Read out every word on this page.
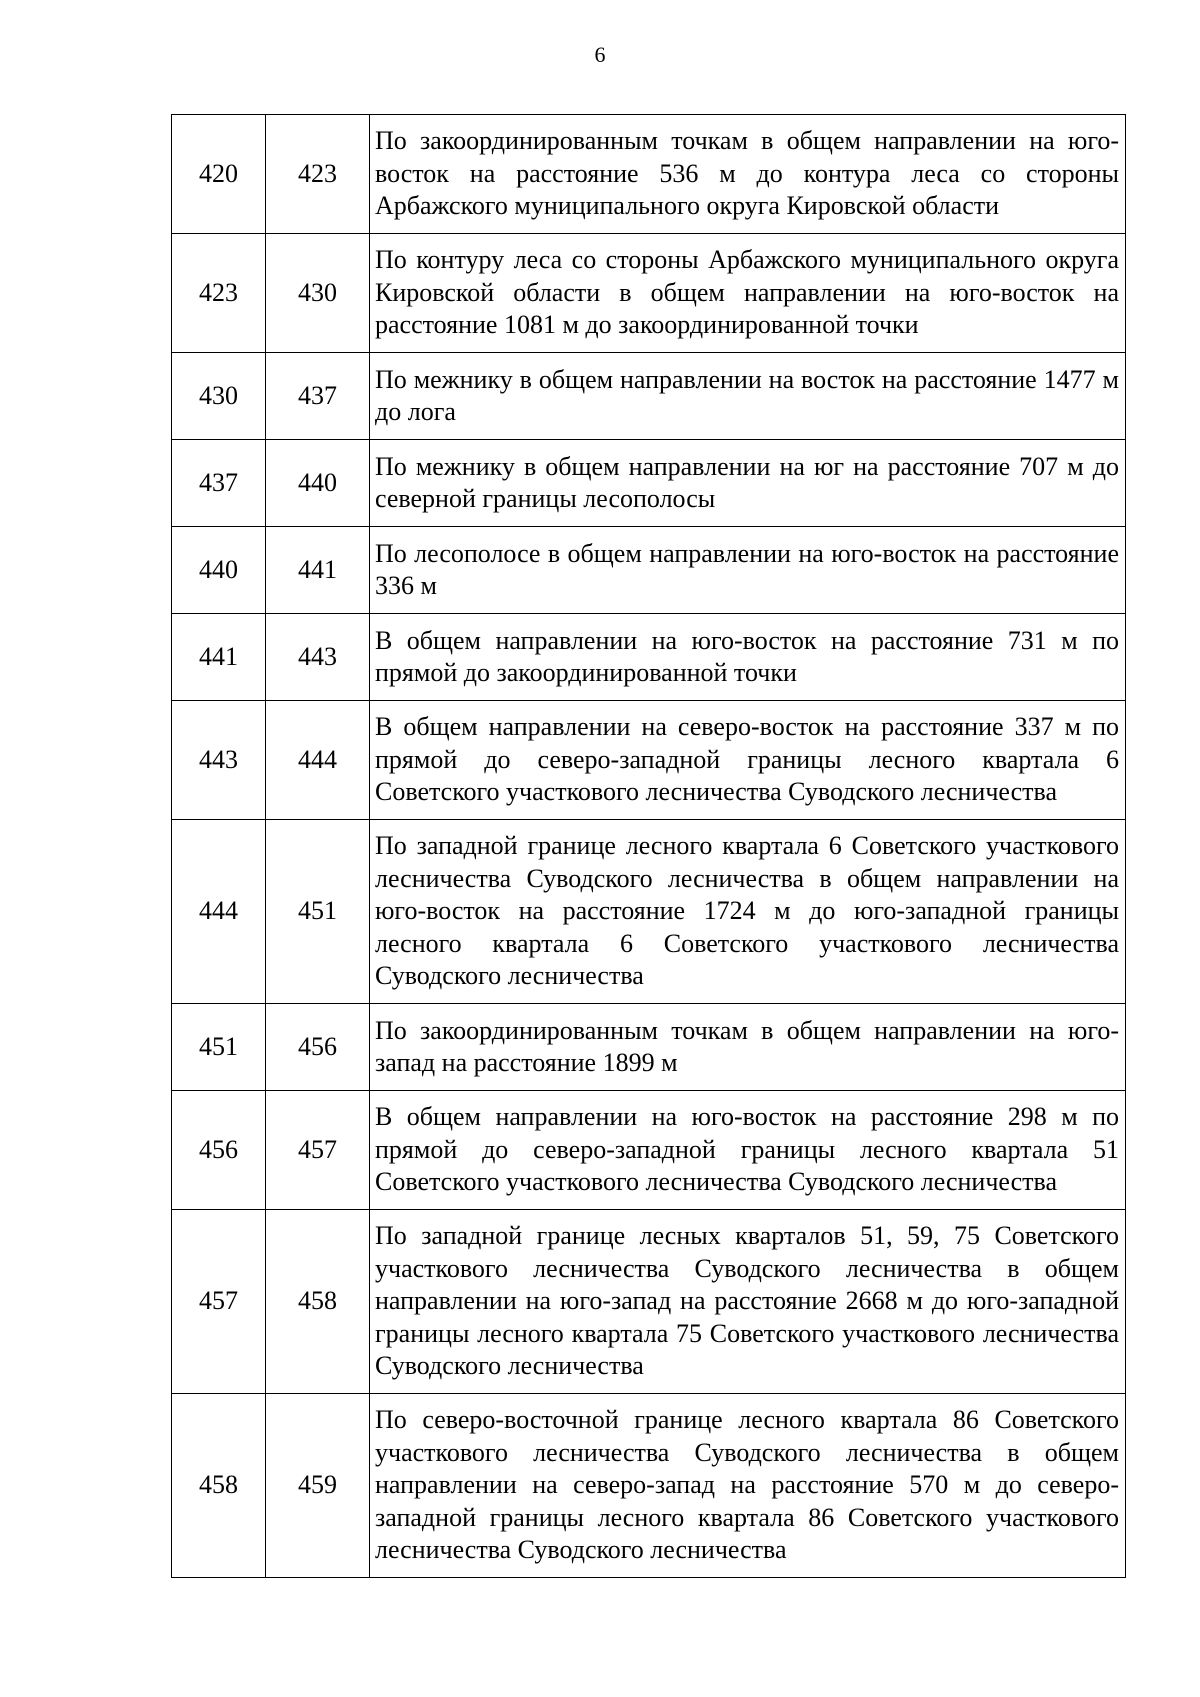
6
420	423	По закоординированным точкам в общем направлении на юго-восток на расстояние 536 м до контура леса со стороны Арбажского муниципального округа Кировской области
423	430	По контуру леса со стороны Арбажского муниципального округа Кировской области в общем направлении на юго-восток на расстояние 1081 м до закоординированной точки
430	437	По межнику в общем направлении на восток на расстояние 1477 м до лога
437	440	По межнику в общем направлении на юг на расстояние 707 м до северной границы лесополосы
440	441	По лесополосе в общем направлении на юго-восток на расстояние 336 м
441	443	В общем направлении на юго-восток на расстояние 731 м по прямой до закоординированной точки
443	444	В общем направлении на северо-восток на расстояние 337 м по прямой до северо-западной границы лесного квартала 6 Советского участкового лесничества Суводского лесничества
444	451	По западной границе лесного квартала 6 Советского участкового лесничества Суводского лесничества в общем направлении на юго-восток на расстояние 1724 м до юго-западной границы лесного квартала 6 Советского участкового лесничества Суводского лесничества
451	456	По закоординированным точкам в общем направлении на юго-запад на расстояние 1899 м
456	457	В общем направлении на юго-восток на расстояние 298 м по прямой до северо-западной границы лесного квартала 51 Советского участкового лесничества Суводского лесничества
457	458	По западной границе лесных кварталов 51, 59, 75 Советского участкового лесничества Суводского лесничества в общем направлении на юго-запад на расстояние 2668 м до юго-западной границы лесного квартала 75 Советского участкового лесничества Суводского лесничества
458	459	По северо-восточной границе лесного квартала 86 Советского участкового лесничества Суводского лесничества в общем направлении на северо-запад на расстояние 570 м до северо-западной границы лесного квартала 86 Советского участкового лесничества Суводского лесничества
